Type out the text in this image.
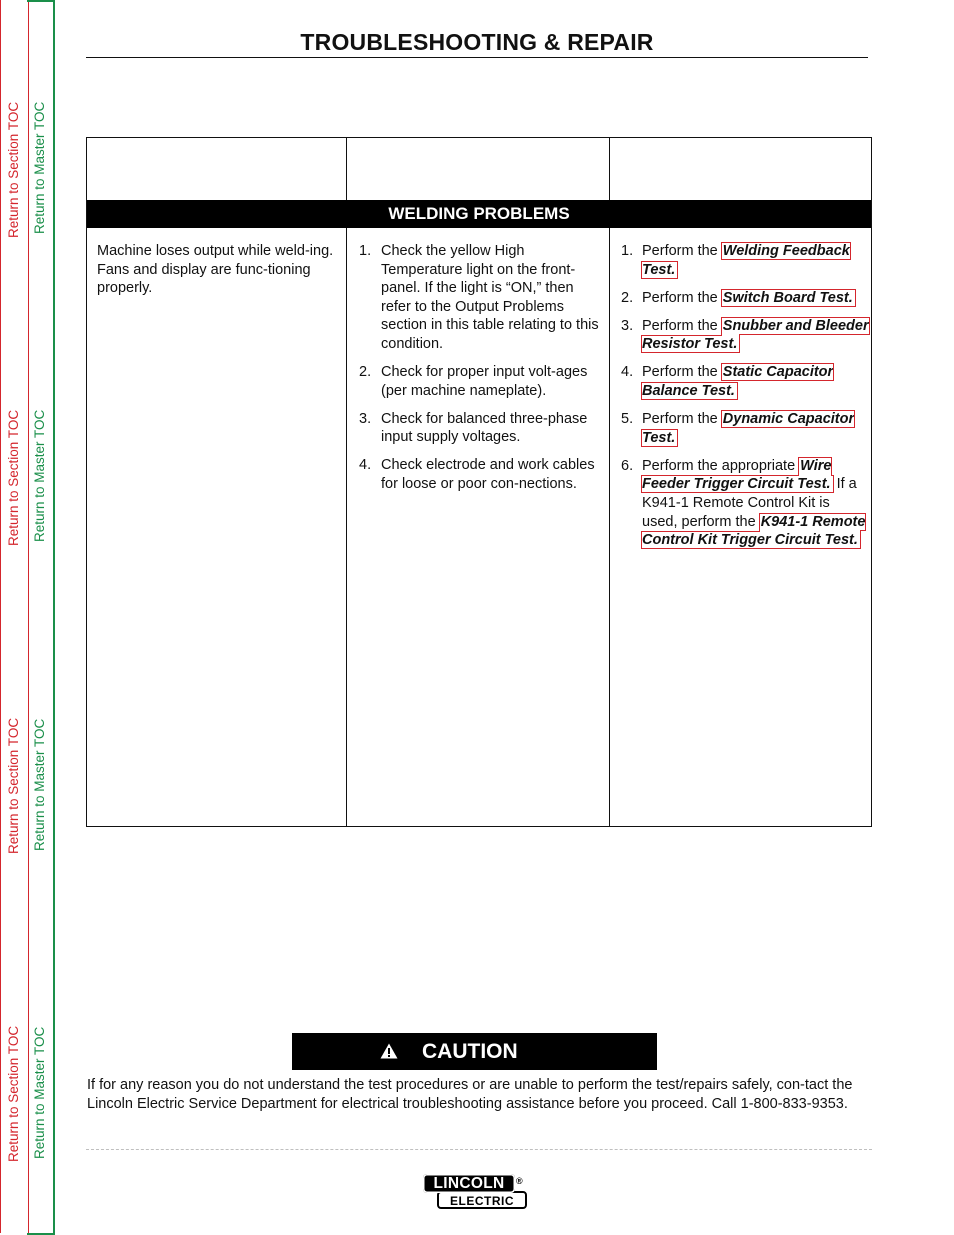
Return to Section TOC Return to Master TOC
Return to Section TOC Return to Master TOC
Return to Section TOC Return to Master TOC
Return to Section TOC Return to Master TOC
TROUBLESHOOTING & REPAIR
WELDING PROBLEMS
Machine loses output while weld-ing. Fans and display are func-tioning properly.
1. Check the yellow High Temperature light on the front-panel. If the light is “ON,” then refer to the Output Problems section in this table relating to this condition.
2. Check for proper input volt-ages (per machine nameplate).
3. Check for balanced three-phase input supply voltages.
4. Check electrode and work cables for loose or poor con-nections.
1. Perform the Welding Feedback Test.
2. Perform the Switch Board Test.
3. Perform the Snubber and Bleeder Resistor Test.
4. Perform the Static Capacitor Balance Test.
5. Perform the Dynamic Capacitor Test.
6. Perform the appropriate Wire Feeder Trigger Circuit Test. If a K941-1 Remote Control Kit is used, perform the K941-1 Remote Control Kit Trigger Circuit Test.
CAUTION
If for any reason you do not understand the test procedures or are unable to perform the test/repairs safely, con-tact the Lincoln Electric Service Department for electrical troubleshooting assistance before you proceed. Call 1-800-833-9353.
ELECTRIC
LINCOLN	®
